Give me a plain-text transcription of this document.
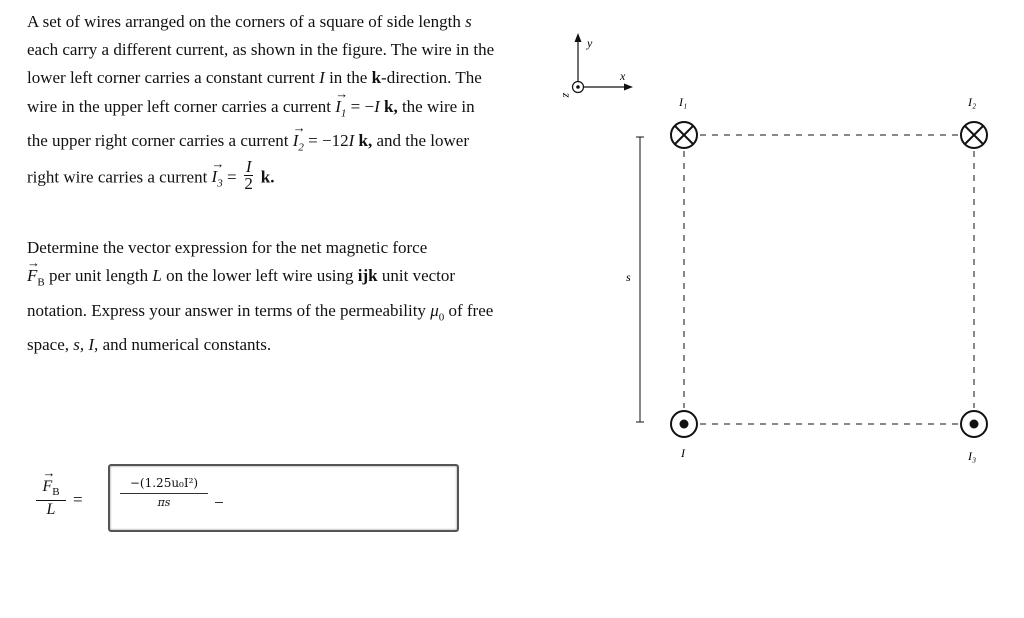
A set of wires arranged on the corners of a square of side length s each carry a different current, as shown in the figure. The wire in the lower left corner carries a constant current I in the k-direction. The wire in the upper left corner carries a current → $I_1 = -I$ k, the wire in the upper right corner carries a current → $I_2 = -12I$ k, and the lower right wire carries a current → $I_3 = \frac{I}{2} k$.

Determine the vector expression for the net magnetic force
→ $F_B$ per unit length L on the lower left wire using ijk unit vector notation. Express your answer in terms of the permeability $\mu_0$ of free space, s, I, and numerical constants.

→ $\frac{F_B}{L}$ =	$\frac{\text{−(1.25u₀I²)}}{\pi s}$
y
x
z
s
I₁	I₂
I	I₃
